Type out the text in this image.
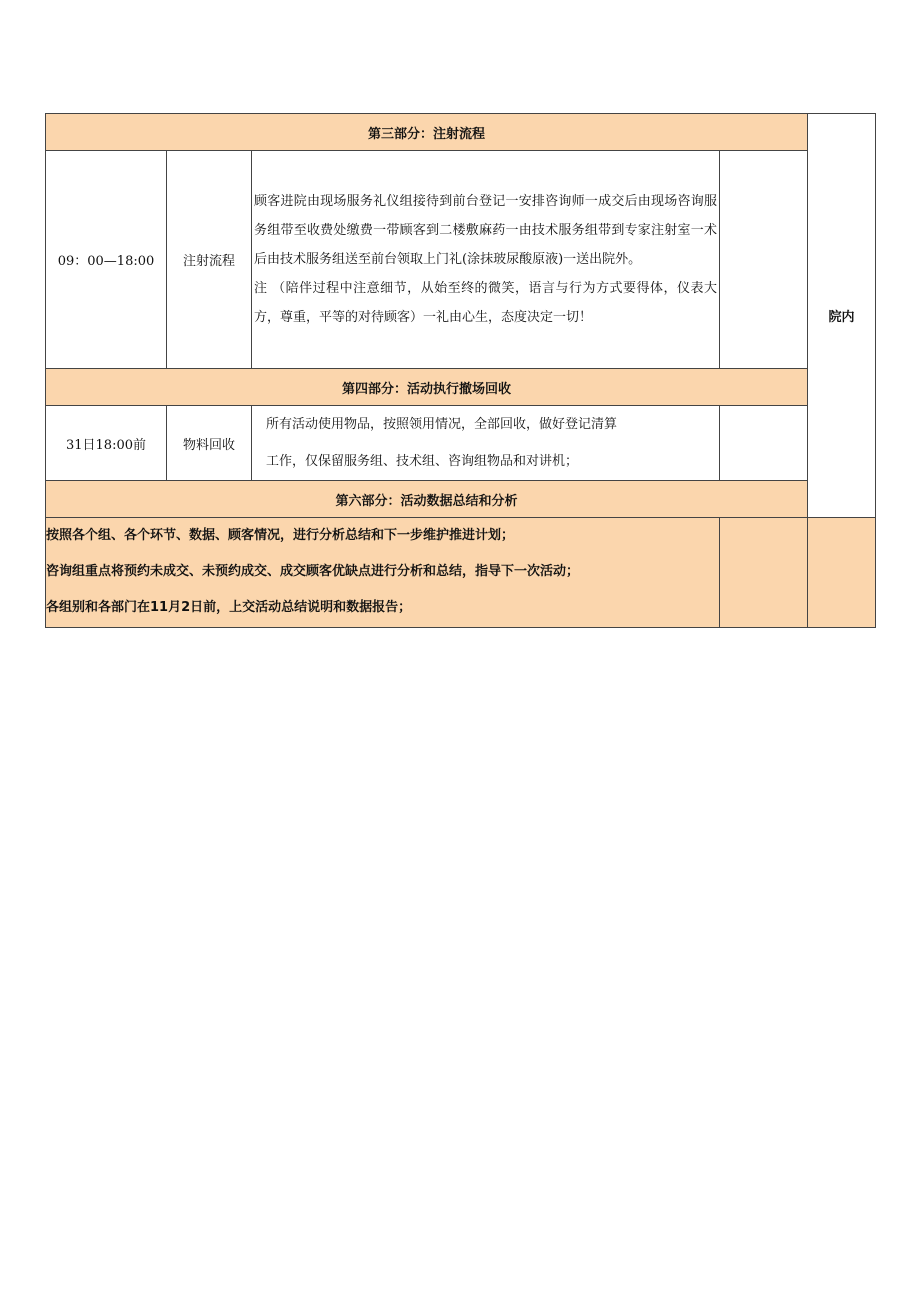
第三部分：注射流程				院内
09：00—18:00	注射流程	顾客进院由现场服务礼仪组接待到前台登记一安排咨询师一成交后由现场咨询服务组带至收费处缴费一带顾客到二楼敷麻药一由技术服务组带到专家注射室一术后由技术服务组送至前台领取上门礼(涂抹玻尿酸原液)一送出院外。
注 （陪伴过程中注意细节，从始至终的微笑，语言与行为方式要得体，仪表大方，尊重，平等的对待顾客）一礼由心生，态度决定一切！		
第四部分：活动执行撤场回收				
31日18:00前	物料回收	所有活动使用物品，按照领用情况，全部回收，做好登记清算
工作，仅保留服务组、技术组、咨询组物品和对讲机；		
第六部分：活动数据总结和分析				

按照各个组、各个环节、数据、顾客情况，进行分析总结和下一步维护推进计划；
咨询组重点将预约未成交、未预约成交、成交顾客优缺点进行分析和总结，指导下一次活动；
各组别和各部门在11月2日前，上交活动总结说明和数据报告；				
